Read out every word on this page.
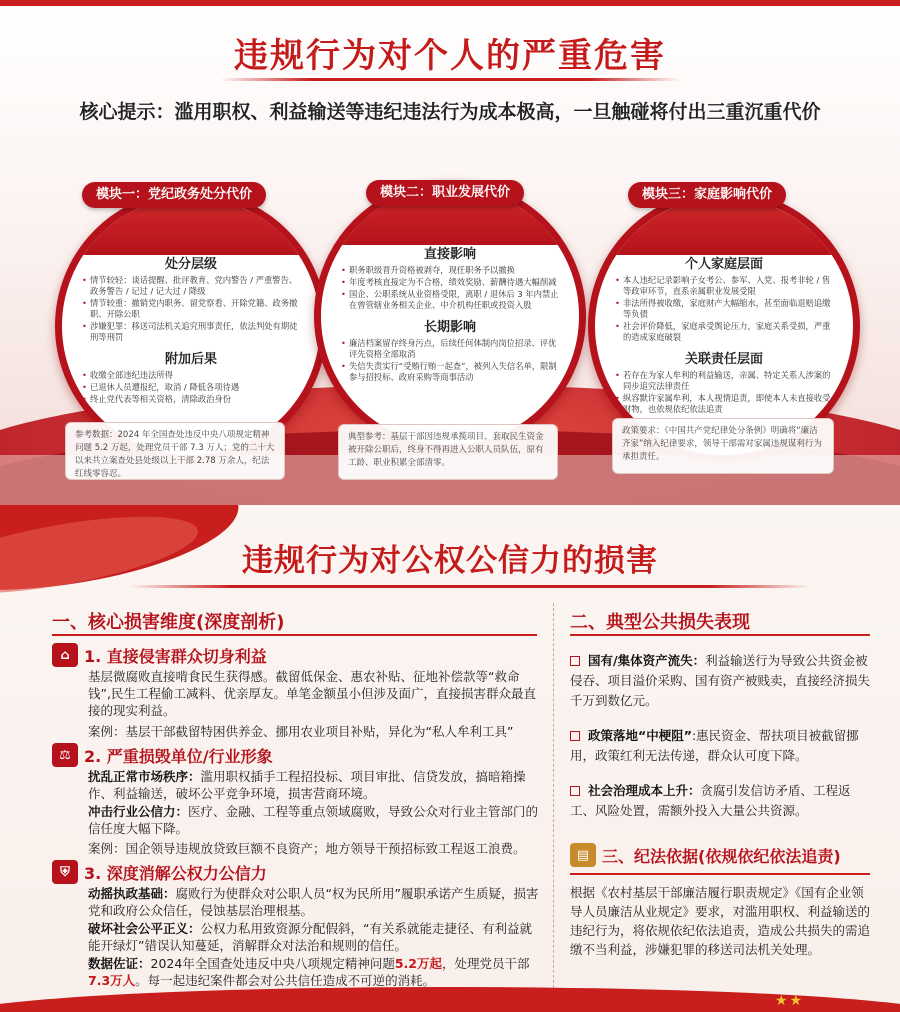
违规行为对个人的严重危害
核心提示：滥用职权、利益输送等违纪违法行为成本极高，一旦触碰将付出三重沉重代价
处分层级
• 情节较轻：谈话提醒、批评教育、党内警告 / 严重警告、政务警告 / 记过 / 记大过 / 降级
• 情节较重：撤销党内职务、留党察看、开除党籍、政务撤职、开除公职
• 涉嫌犯罪：移送司法机关追究刑事责任，依法判处有期徒刑等刑罚
附加后果
• 收缴全部违纪违法所得
• 已退休人员遭报纪，取消 / 降低各项待遇
• 终止党代表等相关资格，清除政治身份
模块一：党纪政务处分代价
直接影响
• 职务职级晋升资格被剥夺，现任职务予以撤换
• 年度考核直接定为不合格，绩效奖励、薪酬待遇大幅削减
• 国企、公职系统从业资格受限，离职 / 退休后 3 年内禁止在曾管辖业务相关企业、中介机构任职或投资入股
长期影响
• 廉洁档案留存终身污点，后续任何体制内岗位招录、评优评先资格全部取消
• 失信失责实行“受贿行贿一起查”，被列入失信名单，限制参与招投标、政府采购等商事活动
模块二：职业发展代价
个人家庭层面
• 本人违纪记录影响子女考公、参军、入党、报考非轮 / 售等政审环节，直系亲属职业发展受限
• 非法所得被收缴，家庭财产大幅缩水，甚至面临退赔追缴等负债
• 社会评价降低，家庭承受舆论压力，家庭关系受损，严重的造成家庭破裂
关联责任层面
• 若存在为家人牟利的利益输送，亲属、特定关系人涉案的同步追究法律责任
• 纵容默许家属牟利，本人视情追责，即使本人未直接收受财物，也依规依纪依法追责
模块三：家庭影响代价
参考数据：2024 年全国查处违反中央八项规定精神问题 5.2 万起，处理党员干部 7.3 万人；党的二十大以来共立案查处县处级以上干部 2.78 万余人，纪法红线零容忍。
典型参考：基层干部因违规承揽项目、套取民生资金被开除公职后，终身不得再进入公职人员队伍，原有工龄、职业积累全部清零。
政策要求：《中国共产党纪律处分条例》明确将“廉洁齐家”纳入纪律要求，领导干部需对家属违规谋利行为承担责任。
违规行为对公权公信力的损害
一、核心损害维度(深度剖析)
⌂ 1. 直接侵害群众切身利益
基层微腐败直接啃食民生获得感。截留低保金、惠农补贴、征地补偿款等“救命钱”,民生工程偷工减料、优亲厚友。单笔金额虽小但涉及面广，直接损害群众最直接的现实利益。
案例：基层干部截留特困供养金、挪用农业项目补贴，异化为“私人牟利工具”
⚖ 2. 严重损毁单位/行业形象
扰乱正常市场秩序：滥用职权插手工程招投标、项目审批、信贷发放，搞暗箱操作、利益输送，破坏公平竞争环境，损害营商环境。
冲击行业公信力：医疗、金融、工程等重点领域腐败，导致公众对行业主管部门的信任度大幅下降。
案例：国企领导违规放贷致巨额不良资产；地方领导干预招标致工程返工浪费。
⛨ 3. 深度消解公权力公信力
动摇执政基础：腐败行为使群众对公职人员“权为民所用”履职承诺产生质疑，损害党和政府公众信任，侵蚀基层治理根基。
破坏社会公平正义：公权力私用致资源分配假斜，“有关系就能走捷径、有利益就能开绿灯”错误认知蔓延，消解群众对法治和规则的信任。
数据佐证：2024年全国查处违反中央八项规定精神问题5.2万起，处理党员干部7.3万人。每一起违纪案件都会对公共信任造成不可逆的消耗。
二、典型公共损失表现
国有/集体资产流失：利益输送行为导致公共资金被侵吞、项目溢价采购、国有资产被贱卖，直接经济损失千万到数亿元。
政策落地“中梗阻”:惠民资金、帮扶项目被截留挪用，政策红利无法传递，群众认可度下降。
社会治理成本上升：贪腐引发信访矛盾、工程返工、风险处置，需额外投入大量公共资源。
▤ 三、纪法依据(依规依纪依法追责)
根据《农村基层干部廉洁履行职责规定》《国有企业领导人员廉洁从业规定》要求，对滥用职权、利益输送的违纪行为，将依规依纪依法追责，造成公共损失的需追缴不当利益，涉嫌犯罪的移送司法机关处理。
★★
